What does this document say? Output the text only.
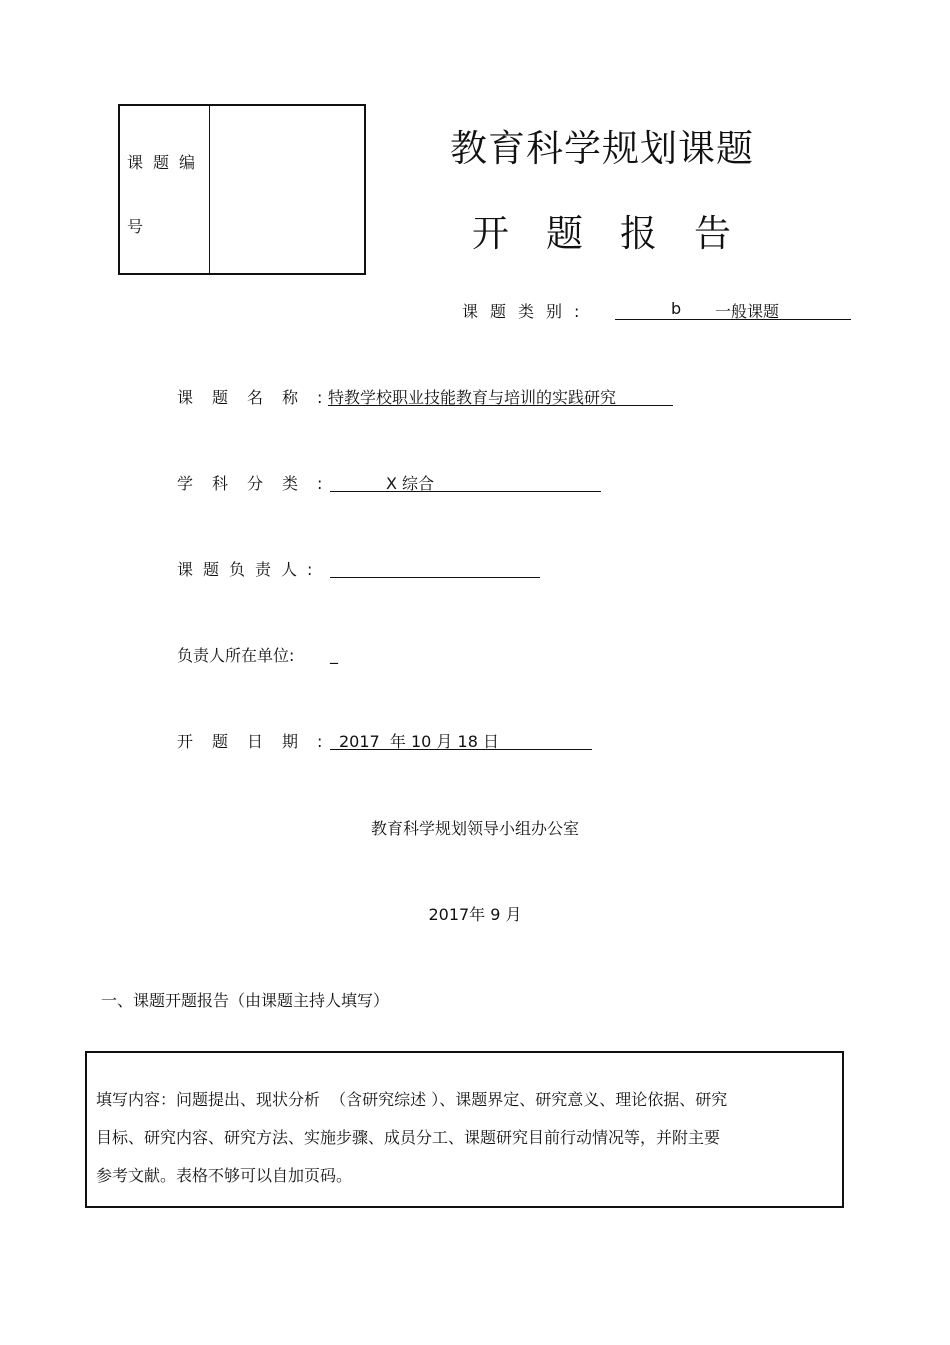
课题编
号
教育科学规划课题
开题报告
课题类别:	b 一般课题
课题名称:
特教学校职业技能教育与培训的实践研究
学科分类:	X 综合
课题负责人:
负责人所在单位: _
开题日期:
2017  年 10 月 18 日
教育科学规划领导小组办公室
2017年 9 月
一、课题开题报告（由课题主持人填写）
填写内容：问题提出、现状分析  （含研究综述 ）、课题界定、研究意义、理论依据、研究
目标、研究内容、研究方法、实施步骤、成员分工、课题研究目前行动情况等，并附主要
参考文献。表格不够可以自加页码。
